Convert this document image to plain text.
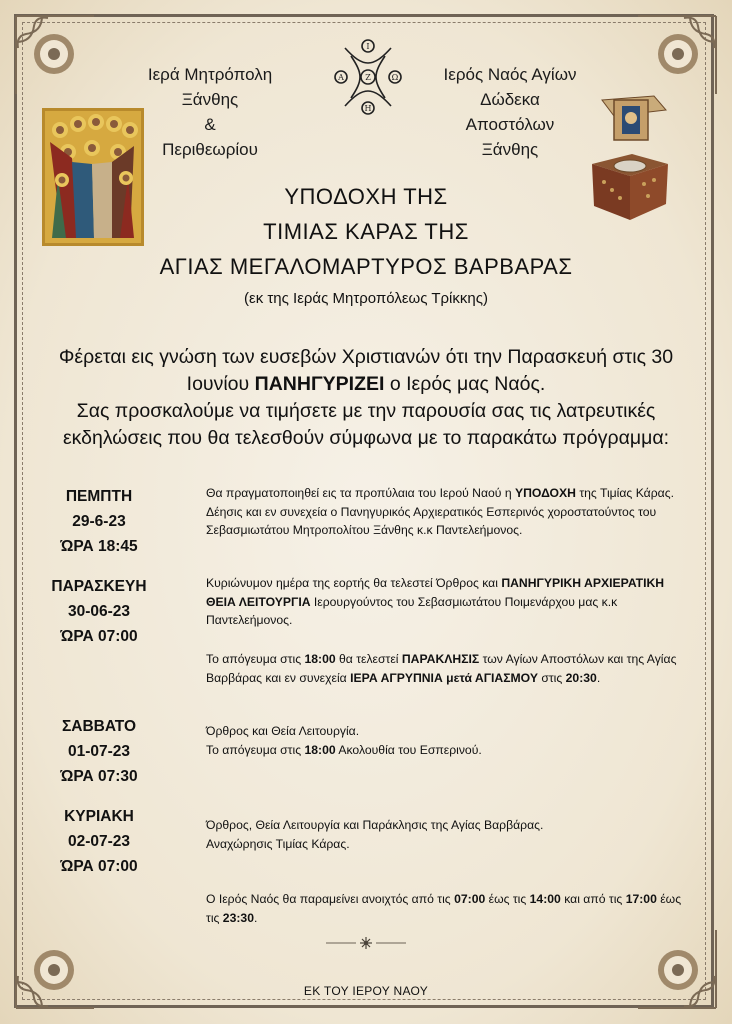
Ιερά Μητρόπολη
Ξάνθης
&
Περιθεωρίου
Ιερός Ναός Αγίων
Δώδεκα
Αποστόλων
Ξάνθης
Ι
Α	Ζ	Ω
Η
ΥΠΟΔΟΧΗ ΤΗΣ
ΤΙΜΙΑΣ ΚΑΡΑΣ ΤΗΣ
ΑΓΙΑΣ ΜΕΓΑΛΟΜΑΡΤΥΡΟΣ ΒΑΡΒΑΡΑΣ
(εκ της Ιεράς Μητροπόλεως Τρίκκης)
Φέρεται εις γνώση των ευσεβών Χριστιανών ότι την Παρασκευή στις 30
Ιουνίου ΠΑΝΗΓΥΡΙΖΕΙ ο Ιερός μας Ναός.
Σας προσκαλούμε να τιμήσετε με την παρουσία σας τις λατρευτικές
εκδηλώσεις που θα τελεσθούν σύμφωνα με το παρακάτω πρόγραμμα:
ΠΕΜΠΤΗ
29-6-23
ΏΡΑ 18:45
ΠΑΡΑΣΚΕΥΗ
30-06-23
ΏΡΑ 07:00
ΣΑΒΒΑΤΟ
01-07-23
ΏΡΑ 07:30
ΚΥΡΙΑΚΗ
02-07-23
ΏΡΑ 07:00
Θα πραγματοποιηθεί εις τα προπύλαια του Ιερού Ναού η ΥΠΟΔΟΧΗ της Τιμίας Κάρας. Δέησις και εν συνεχεία ο Πανηγυρικός Αρχιερατικός Εσπερινός χοροστατούντος του Σεβασμιωτάτου Μητροπολίτου Ξάνθης κ.κ Παντελεήμονος.
Κυριώνυμον ημέρα της εορτής θα τελεστεί Όρθρος και ΠΑΝΗΓΥΡΙΚΗ ΑΡΧΙΕΡΑΤΙΚΗ ΘΕΙΑ ΛΕΙΤΟΥΡΓΙΑ Ιερουργούντος του Σεβασμιωτάτου Ποιμενάρχου μας κ.κ Παντελεήμονος.
Το απόγευμα στις 18:00 θα τελεστεί ΠΑΡΑΚΛΗΣΙΣ των Αγίων Αποστόλων και της Αγίας Βαρβάρας και εν συνεχεία ΙΕΡΑ ΑΓΡΥΠΝΙΑ μετά ΑΓΙΑΣΜΟΥ στις 20:30.
Όρθρος και Θεία Λειτουργία.
Το απόγευμα στις 18:00 Ακολουθία του Εσπερινού.
Όρθρος, Θεία Λειτουργία και Παράκλησις της Αγίας Βαρβάρας.
Αναχώρησις Τιμίας Κάρας.
Ο Ιερός Ναός θα παραμείνει ανοιχτός από τις 07:00 έως τις 14:00 και από τις 17:00 έως τις 23:30.
ΕΚ ΤΟΥ ΙΕΡΟΥ ΝΑΟΥ
